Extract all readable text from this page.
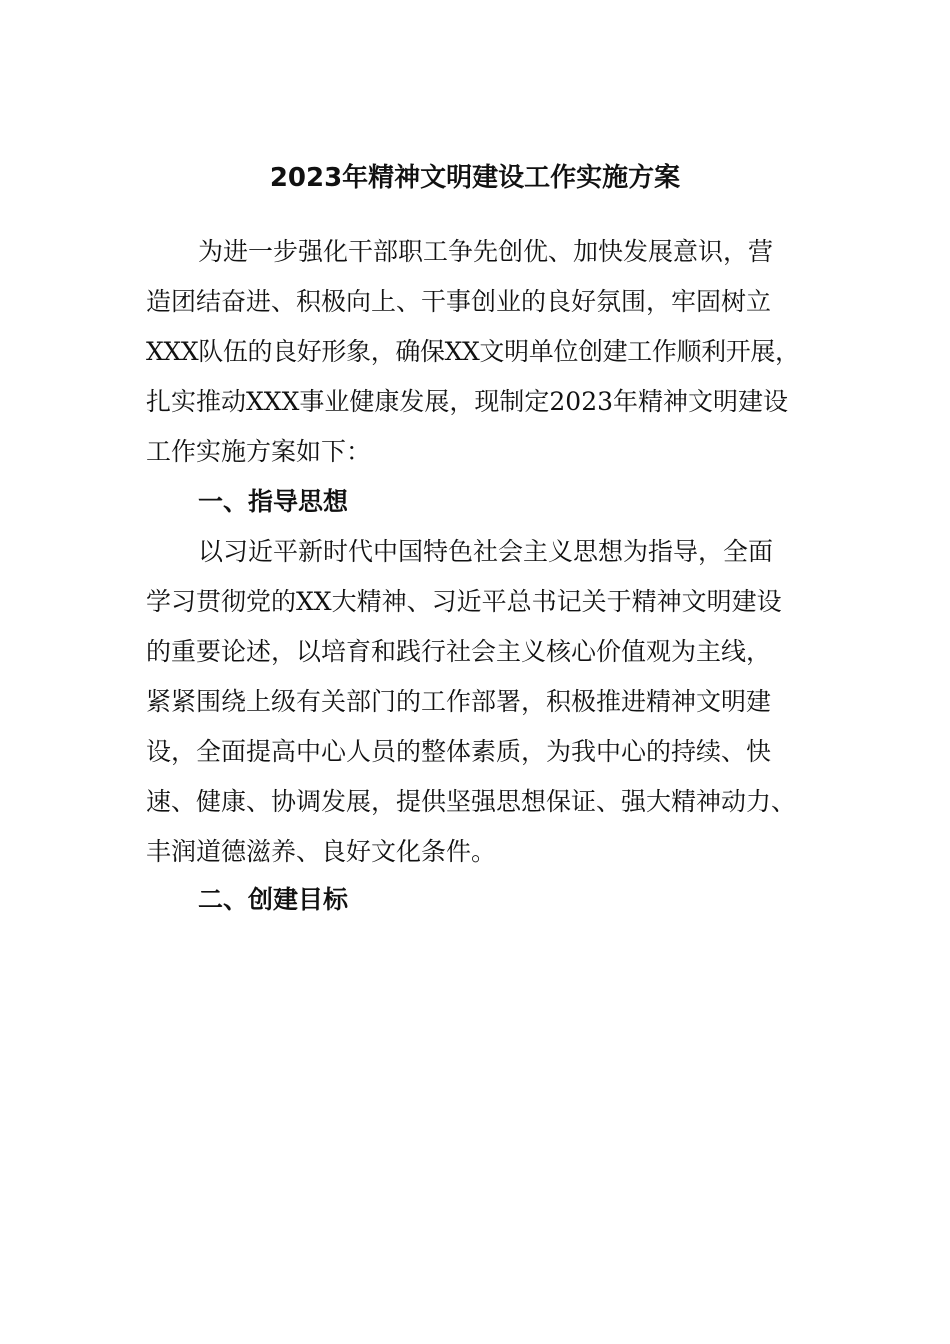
2023年精神文明建设工作实施方案
为进一步强化干部职工争先创优、加快发展意识，营
造团结奋进、积极向上、干事创业的良好氛围，牢固树立
XXX队伍的良好形象，确保XX文明单位创建工作顺利开展，
扎实推动XXX事业健康发展，现制定2023年精神文明建设
工作实施方案如下：
一、指导思想
以习近平新时代中国特色社会主义思想为指导，全面
学习贯彻党的XX大精神、习近平总书记关于精神文明建设
的重要论述，以培育和践行社会主义核心价值观为主线，
紧紧围绕上级有关部门的工作部署，积极推进精神文明建
设，全面提高中心人员的整体素质，为我中心的持续、快
速、健康、协调发展，提供坚强思想保证、强大精神动力、
丰润道德滋养、良好文化条件。
二、创建目标
